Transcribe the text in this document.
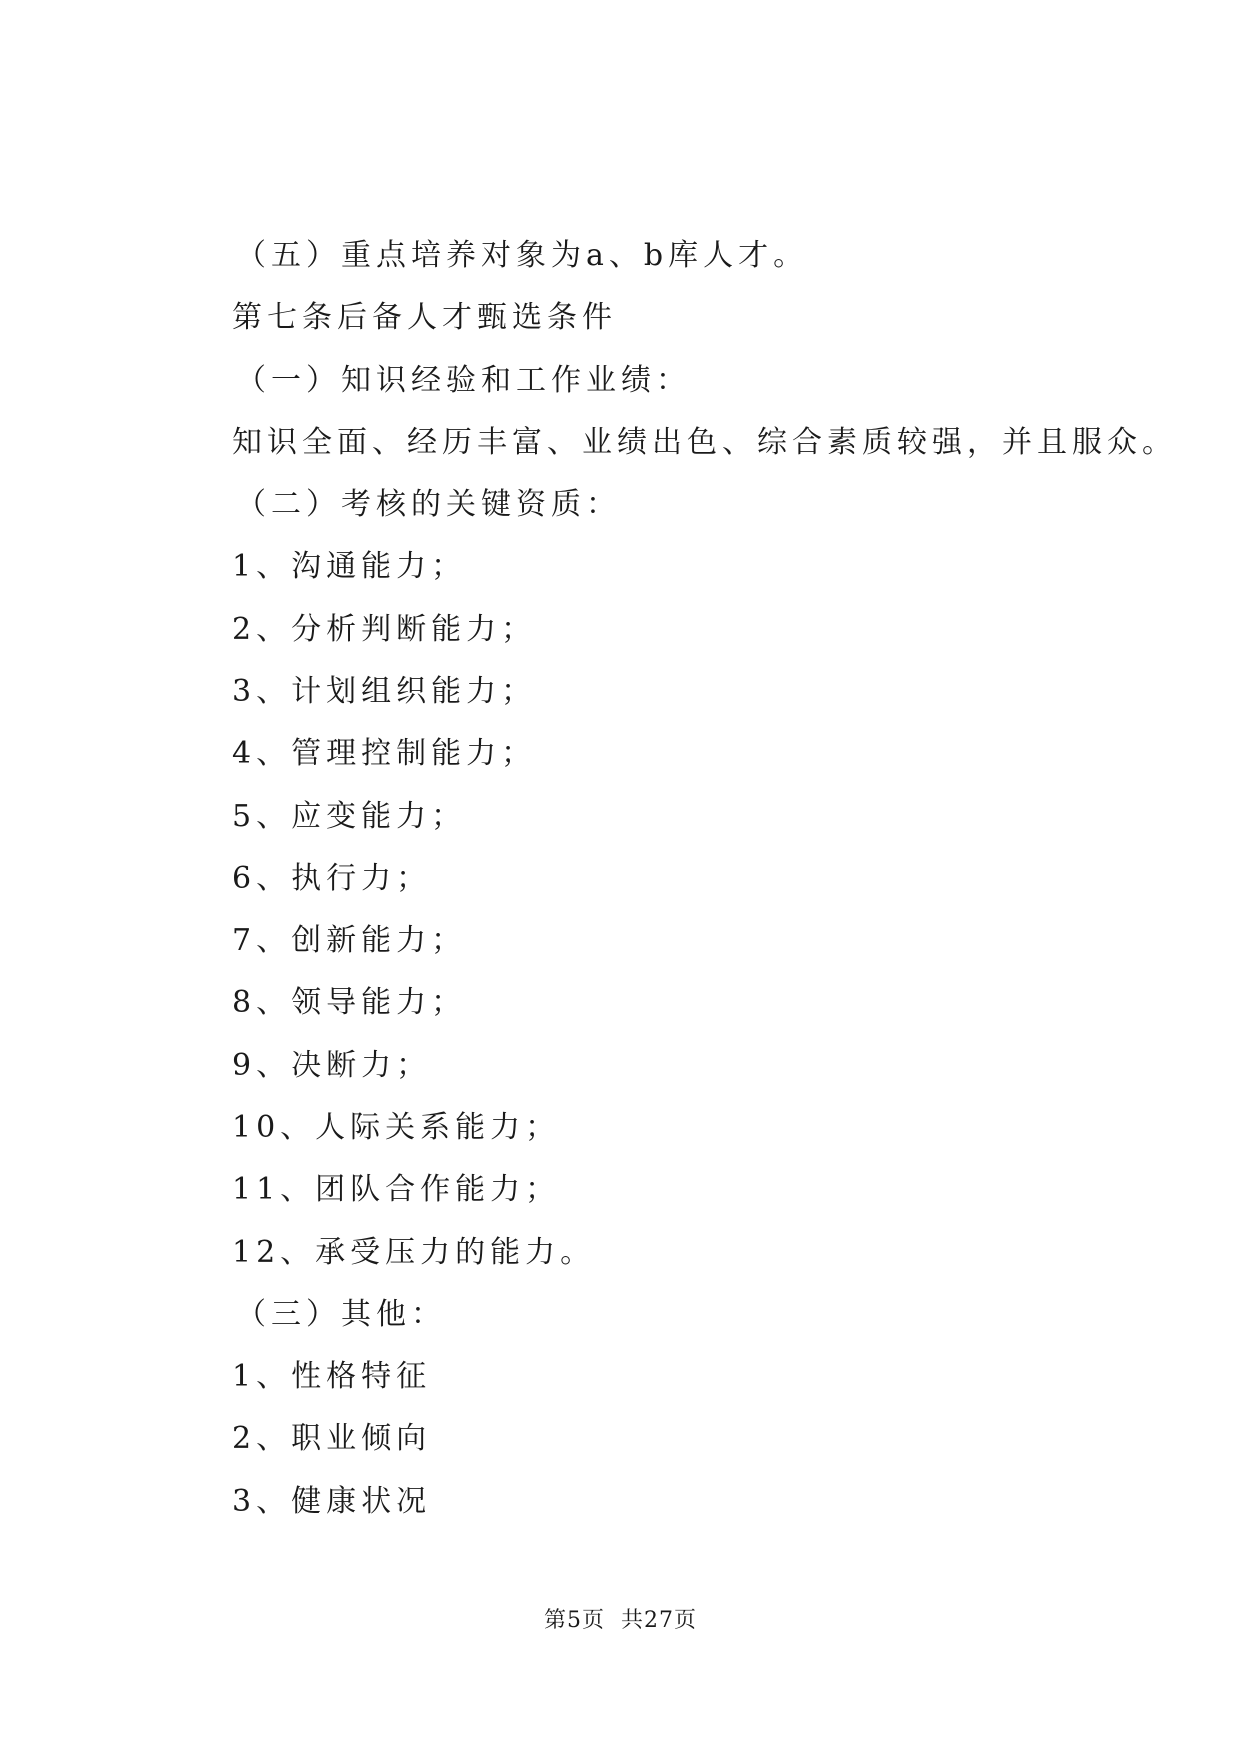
（五）重点培养对象为a、b库人才。
第七条后备人才甄选条件
（一）知识经验和工作业绩：
知识全面、经历丰富、业绩出色、综合素质较强，并且服众。
（二）考核的关键资质：
1、沟通能力；
2、分析判断能力；
3、计划组织能力；
4、管理控制能力；
5、应变能力；
6、执行力；
7、创新能力；
8、领导能力；
9、决断力；
10、人际关系能力；
11、团队合作能力；
12、承受压力的能力。
（三）其他：
1、性格特征
2、职业倾向
3、健康状况
第5页 共27页
